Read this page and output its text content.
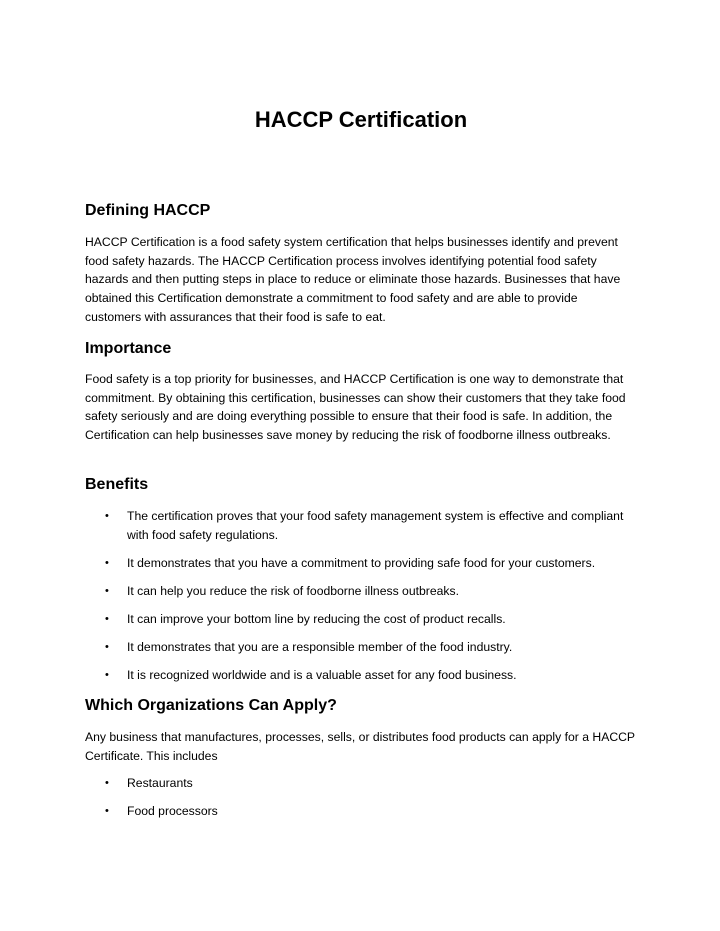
HACCP Certification
Defining HACCP

HACCP Certification is a food safety system certification that helps businesses identify and prevent food safety hazards. The HACCP Certification process involves identifying potential food safety hazards and then putting steps in place to reduce or eliminate those hazards. Businesses that have obtained this Certification demonstrate a commitment to food safety and are able to provide customers with assurances that their food is safe to eat.

Importance

Food safety is a top priority for businesses, and HACCP Certification is one way to demonstrate that commitment. By obtaining this certification, businesses can show their customers that they take food safety seriously and are doing everything possible to ensure that their food is safe. In addition, the Certification can help businesses save money by reducing the risk of foodborne illness outbreaks.

Benefits
• The certification proves that your food safety management system is effective and compliant with food safety regulations.
• It demonstrates that you have a commitment to providing safe food for your customers.
• It can help you reduce the risk of foodborne illness outbreaks.
• It can improve your bottom line by reducing the cost of product recalls.
• It demonstrates that you are a responsible member of the food industry.
• It is recognized worldwide and is a valuable asset for any food business.
Which Organizations Can Apply?

Any business that manufactures, processes, sells, or distributes food products can apply for a HACCP Certificate. This includes

• Restaurants
• Food processors
